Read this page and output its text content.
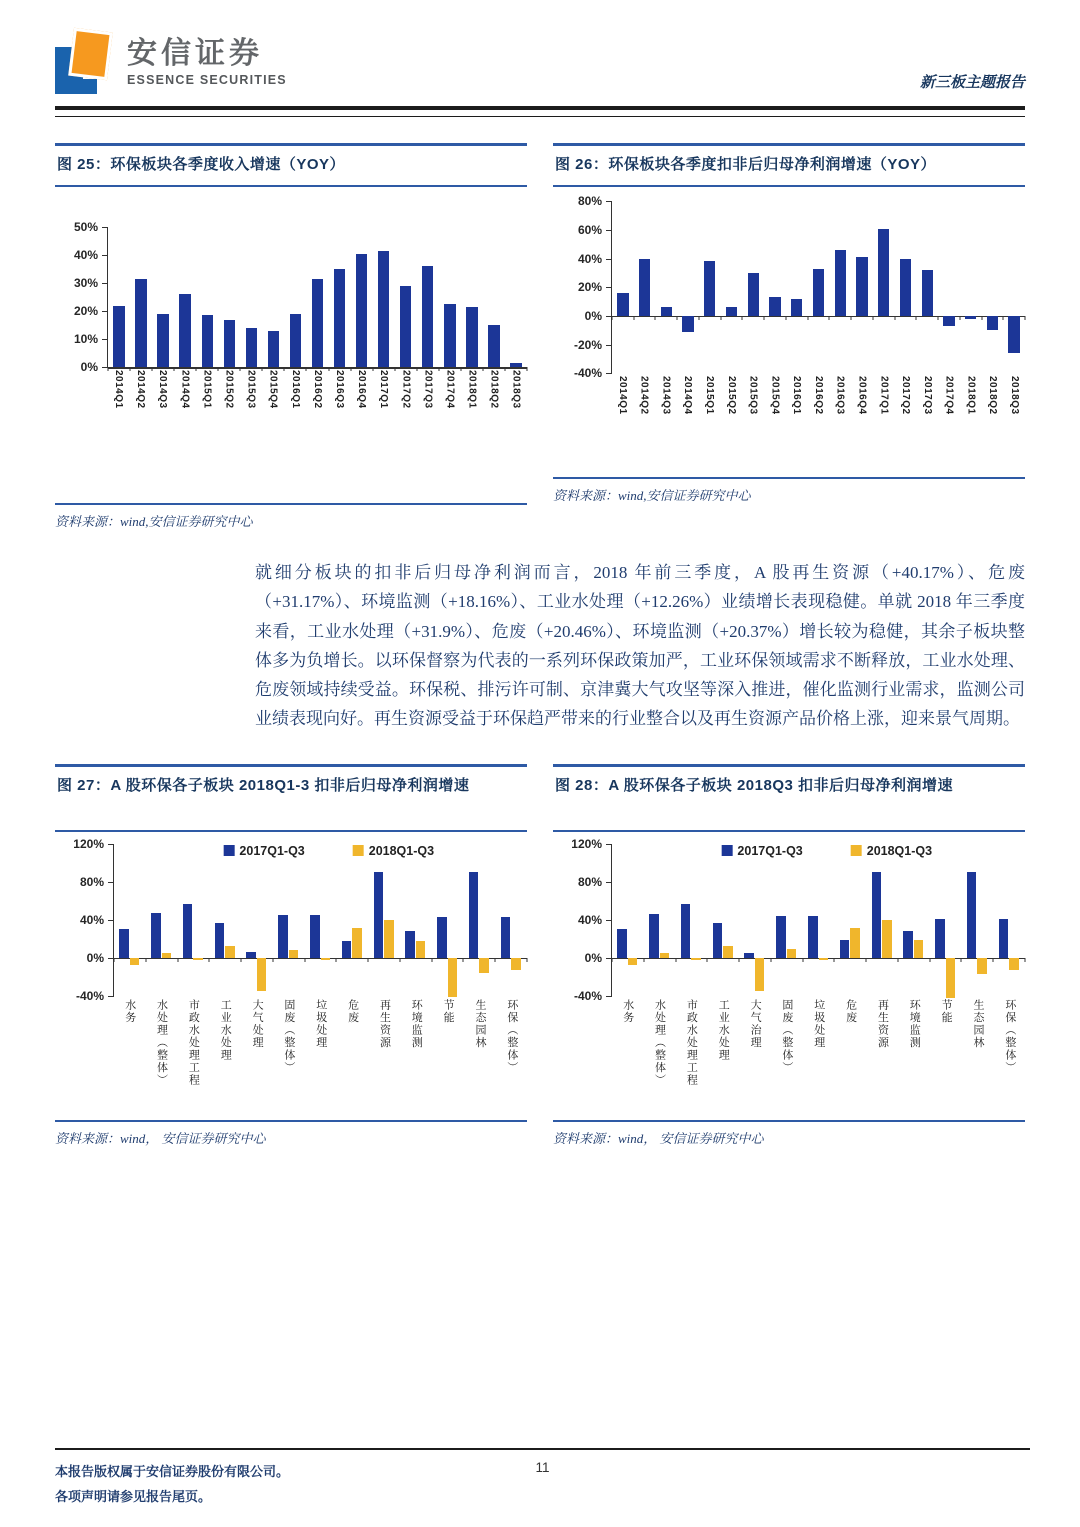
安信证券
ESSENCE SECURITIES	新三板主题报告
图 25：环保板块各季度收入增速（YOY）
0%
10%
20%
30%
40%
50%
2014Q1 2014Q2 2014Q3 2014Q4 2015Q1 2015Q2 2015Q3 2015Q4 2016Q1 2016Q2 2016Q3 2016Q4 2017Q1 2017Q2 2017Q3 2017Q4 2018Q1 2018Q2 2018Q3
资料来源：wind,安信证券研究中心
图 26：环保板块各季度扣非后归母净利润增速（YOY）
-40%
-20%
0%
20%
40%
60%
80%
2014Q1 2014Q2 2014Q3 2014Q4 2015Q1 2015Q2 2015Q3 2015Q4 2016Q1 2016Q2 2016Q3 2016Q4 2017Q1 2017Q2 2017Q3 2017Q4 2018Q1 2018Q2 2018Q3
资料来源：wind,安信证券研究中心

就细分板块的扣非后归母净利润而言，2018 年前三季度，A 股再生资源（+40.17%）、危废（+31.17%）、环境监测（+18.16%）、工业水处理（+12.26%）业绩增长表现稳健。单就 2018 年三季度来看，工业水处理（+31.9%）、危废（+20.46%）、环境监测（+20.37%）增长较为稳健，其余子板块整体多为负增长。以环保督察为代表的一系列环保政策加严，工业环保领域需求不断释放，工业水处理、危废领域持续受益。环保税、排污许可制、京津冀大气攻坚等深入推进，催化监测行业需求，监测公司业绩表现向好。再生资源受益于环保趋严带来的行业整合以及再生资源产品价格上涨，迎来景气周期。

图 27：A 股环保各子板块 2018Q1-3 扣非后归母净利润增速
-40%
0%
40%
80%
120%	2017Q1-Q3	2018Q1-Q3
水务 水处理（整体） 市政水处理工程 工业水处理 大气处理 固废（整体） 垃圾处理 危废 再生资源 环境监测 节能 生态园林 环保（整体）
资料来源：wind， 安信证券研究中心
图 28：A 股环保各子板块 2018Q3 扣非后归母净利润增速
-40%
0%
40%
80%
120%	2017Q1-Q3	2018Q1-Q3
水务 水处理（整体） 市政水处理工程 工业水处理 大气治理 固废（整体） 垃圾处理 危废 再生资源 环境监测 节能 生态园林 环保（整体）
资料来源：wind， 安信证券研究中心
本报告版权属于安信证券股份有限公司。
各项声明请参见报告尾页。
11
